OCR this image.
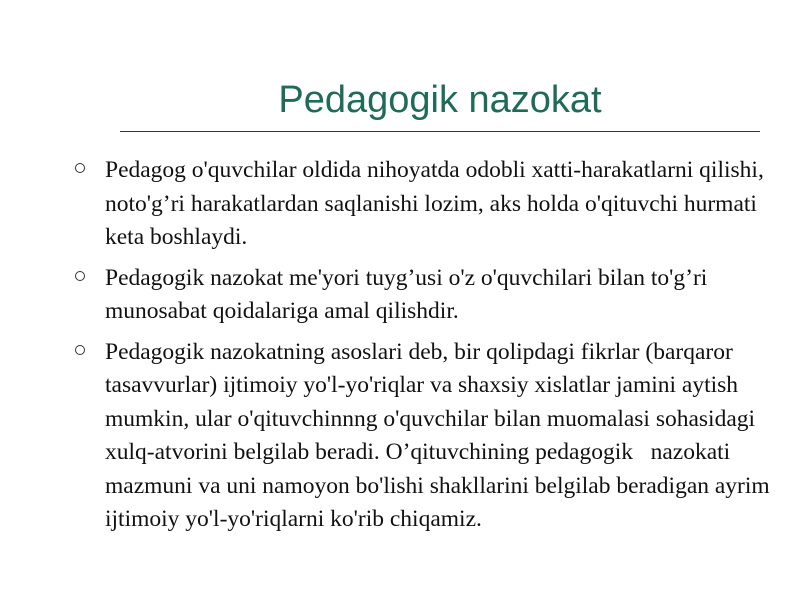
Pedagogik nazokat
Pedagog o'quvchilar oldida nihoyatda odobli xatti-harakatlarni qilishi, noto'g’ri harakatlardan saqlanishi lozim, aks holda o'qituvchi hurmati keta boshlaydi.
Pedagogik nazokat me'yori tuyg’usi o'z o'quvchilari bilan to'g’ri munosabat qoidalariga amal qilishdir.
Pedagogik nazokatning asoslari deb, bir qolipdagi fikrlar (barqaror tasavvurlar) ijtimoiy yo'l-yo'riqlar va shaxsiy xislatlar jamini aytish mumkin, ular o'qituvchinnng o'quvchilar bilan muomalasi sohasidagi xulq-atvorini belgilab beradi. O’qituvchining pedagogik   nazokati mazmuni va uni namoyon bo'lishi shakllarini belgilab beradigan ayrim ijtimoiy yo'l-yo'riqlarni ko'rib chiqamiz.
